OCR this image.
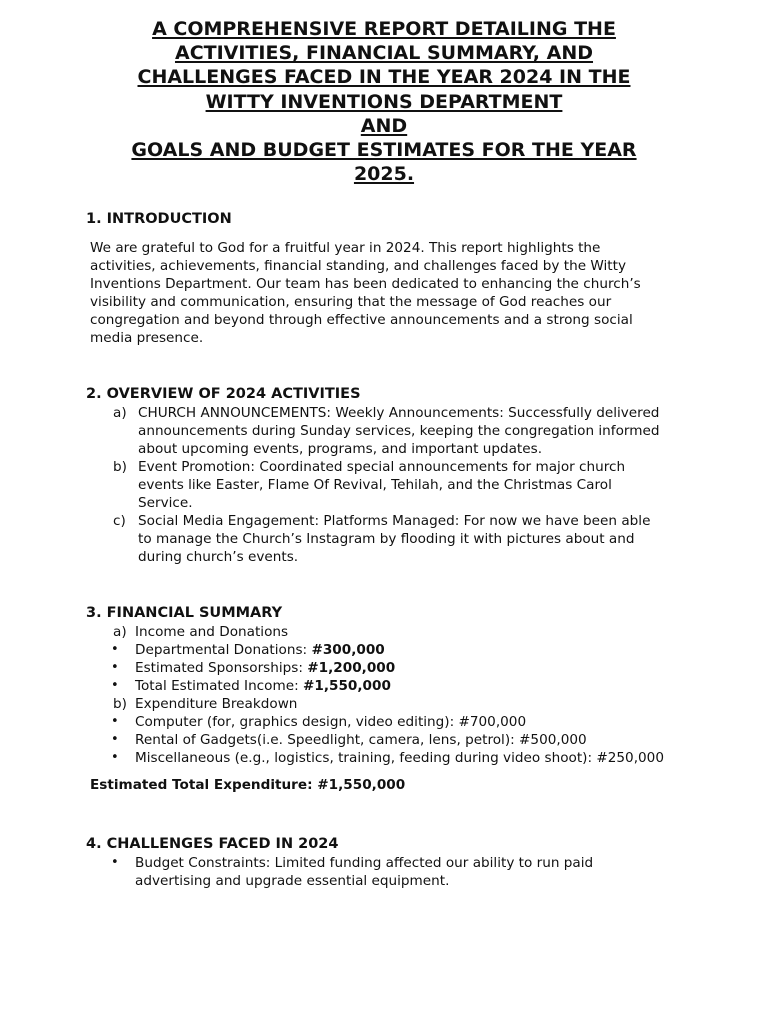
A COMPREHENSIVE REPORT DETAILING THE
ACTIVITIES, FINANCIAL SUMMARY, AND
CHALLENGES FACED IN THE YEAR 2024 IN THE
WITTY INVENTIONS DEPARTMENT
AND
GOALS AND BUDGET ESTIMATES FOR THE YEAR
2025.
1. INTRODUCTION
We are grateful to God for a fruitful year in 2024. This report highlights the
activities, achievements, financial standing, and challenges faced by the Witty
Inventions Department. Our team has been dedicated to enhancing the church’s
visibility and communication, ensuring that the message of God reaches our
congregation and beyond through effective announcements and a strong social
media presence.
2. OVERVIEW OF 2024 ACTIVITIES
a) CHURCH ANNOUNCEMENTS: Weekly Announcements: Successfully delivered
announcements during Sunday services, keeping the congregation informed
about upcoming events, programs, and important updates.
b) Event Promotion: Coordinated special announcements for major church
events like Easter, Flame Of Revival, Tehilah, and the Christmas Carol
Service.
c) Social Media Engagement: Platforms Managed: For now we have been able
to manage the Church’s Instagram by flooding it with pictures about and
during church’s events.
3. FINANCIAL SUMMARY
a) Income and Donations
• Departmental Donations: #300,000
• Estimated Sponsorships: #1,200,000
• Total Estimated Income: #1,550,000
b) Expenditure Breakdown
• Computer (for, graphics design, video editing): #700,000
• Rental of Gadgets(i.e. Speedlight, camera, lens, petrol): #500,000
• Miscellaneous (e.g., logistics, training, feeding during video shoot): #250,000
Estimated Total Expenditure: #1,550,000
4. CHALLENGES FACED IN 2024
• Budget Constraints: Limited funding affected our ability to run paid
advertising and upgrade essential equipment.
